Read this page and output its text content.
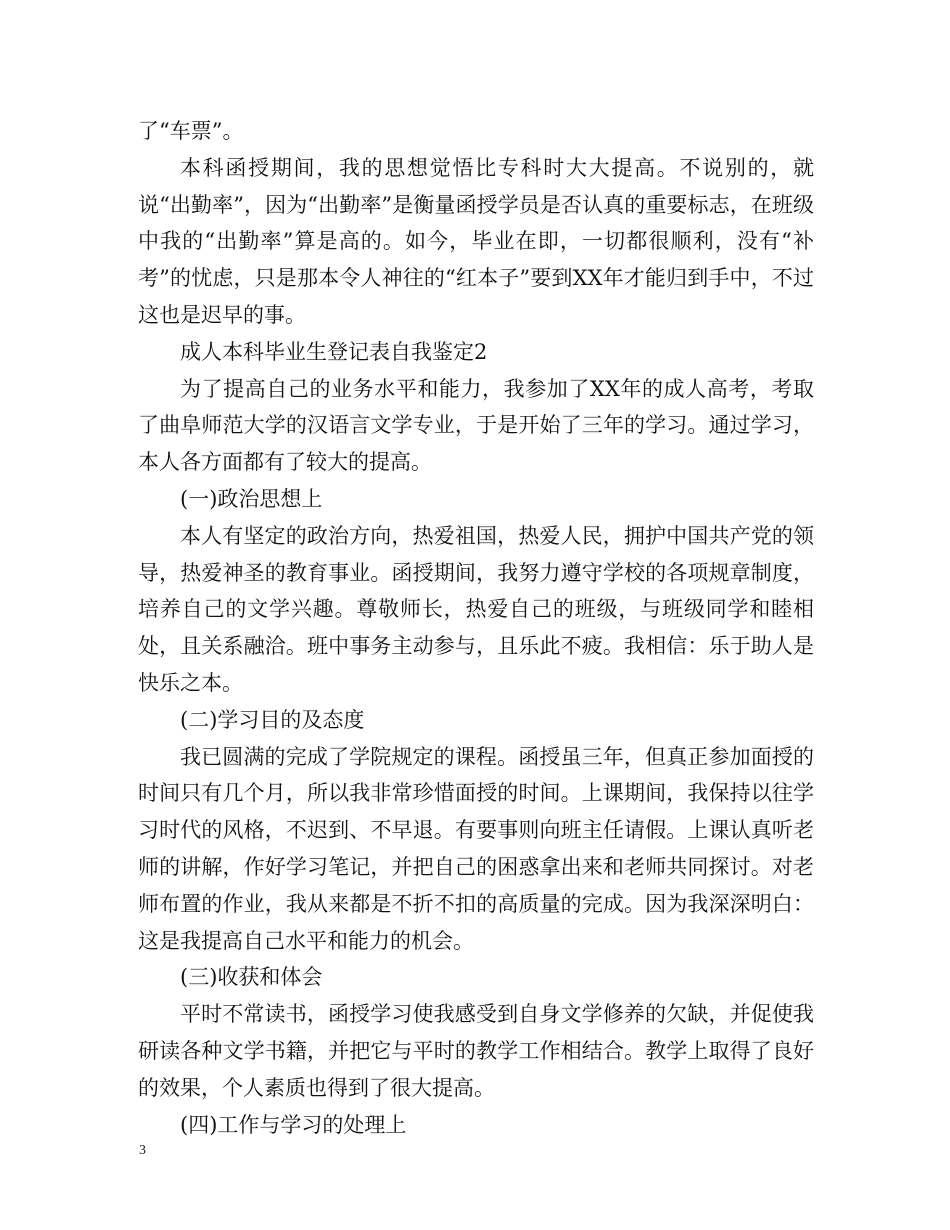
了“车票”。

本科函授期间，我的思想觉悟比专科时大大提高。不说别的，就说“出勤率”，因为“出勤率”是衡量函授学员是否认真的重要标志，在班级中我的“出勤率”算是高的。如今，毕业在即，一切都很顺利，没有“补考”的忧虑，只是那本令人神往的“红本子”要到XX年才能归到手中，不过这也是迟早的事。

成人本科毕业生登记表自我鉴定2

为了提高自己的业务水平和能力，我参加了XX年的成人高考，考取了曲阜师范大学的汉语言文学专业，于是开始了三年的学习。通过学习，本人各方面都有了较大的提高。

(一)政治思想上

本人有坚定的政治方向，热爱祖国，热爱人民，拥护中国共产党的领导，热爱神圣的教育事业。函授期间，我努力遵守学校的各项规章制度，培养自己的文学兴趣。尊敬师长，热爱自己的班级，与班级同学和睦相处，且关系融洽。班中事务主动参与，且乐此不疲。我相信：乐于助人是快乐之本。

(二)学习目的及态度

我已圆满的完成了学院规定的课程。函授虽三年，但真正参加面授的时间只有几个月，所以我非常珍惜面授的时间。上课期间，我保持以往学习时代的风格，不迟到、不早退。有要事则向班主任请假。上课认真听老师的讲解，作好学习笔记，并把自己的困惑拿出来和老师共同探讨。对老师布置的作业，我从来都是不折不扣的高质量的完成。因为我深深明白：这是我提高自己水平和能力的机会。

(三)收获和体会

平时不常读书，函授学习使我感受到自身文学修养的欠缺，并促使我研读各种文学书籍，并把它与平时的教学工作相结合。教学上取得了良好的效果，个人素质也得到了很大提高。

(四)工作与学习的处理上

3
